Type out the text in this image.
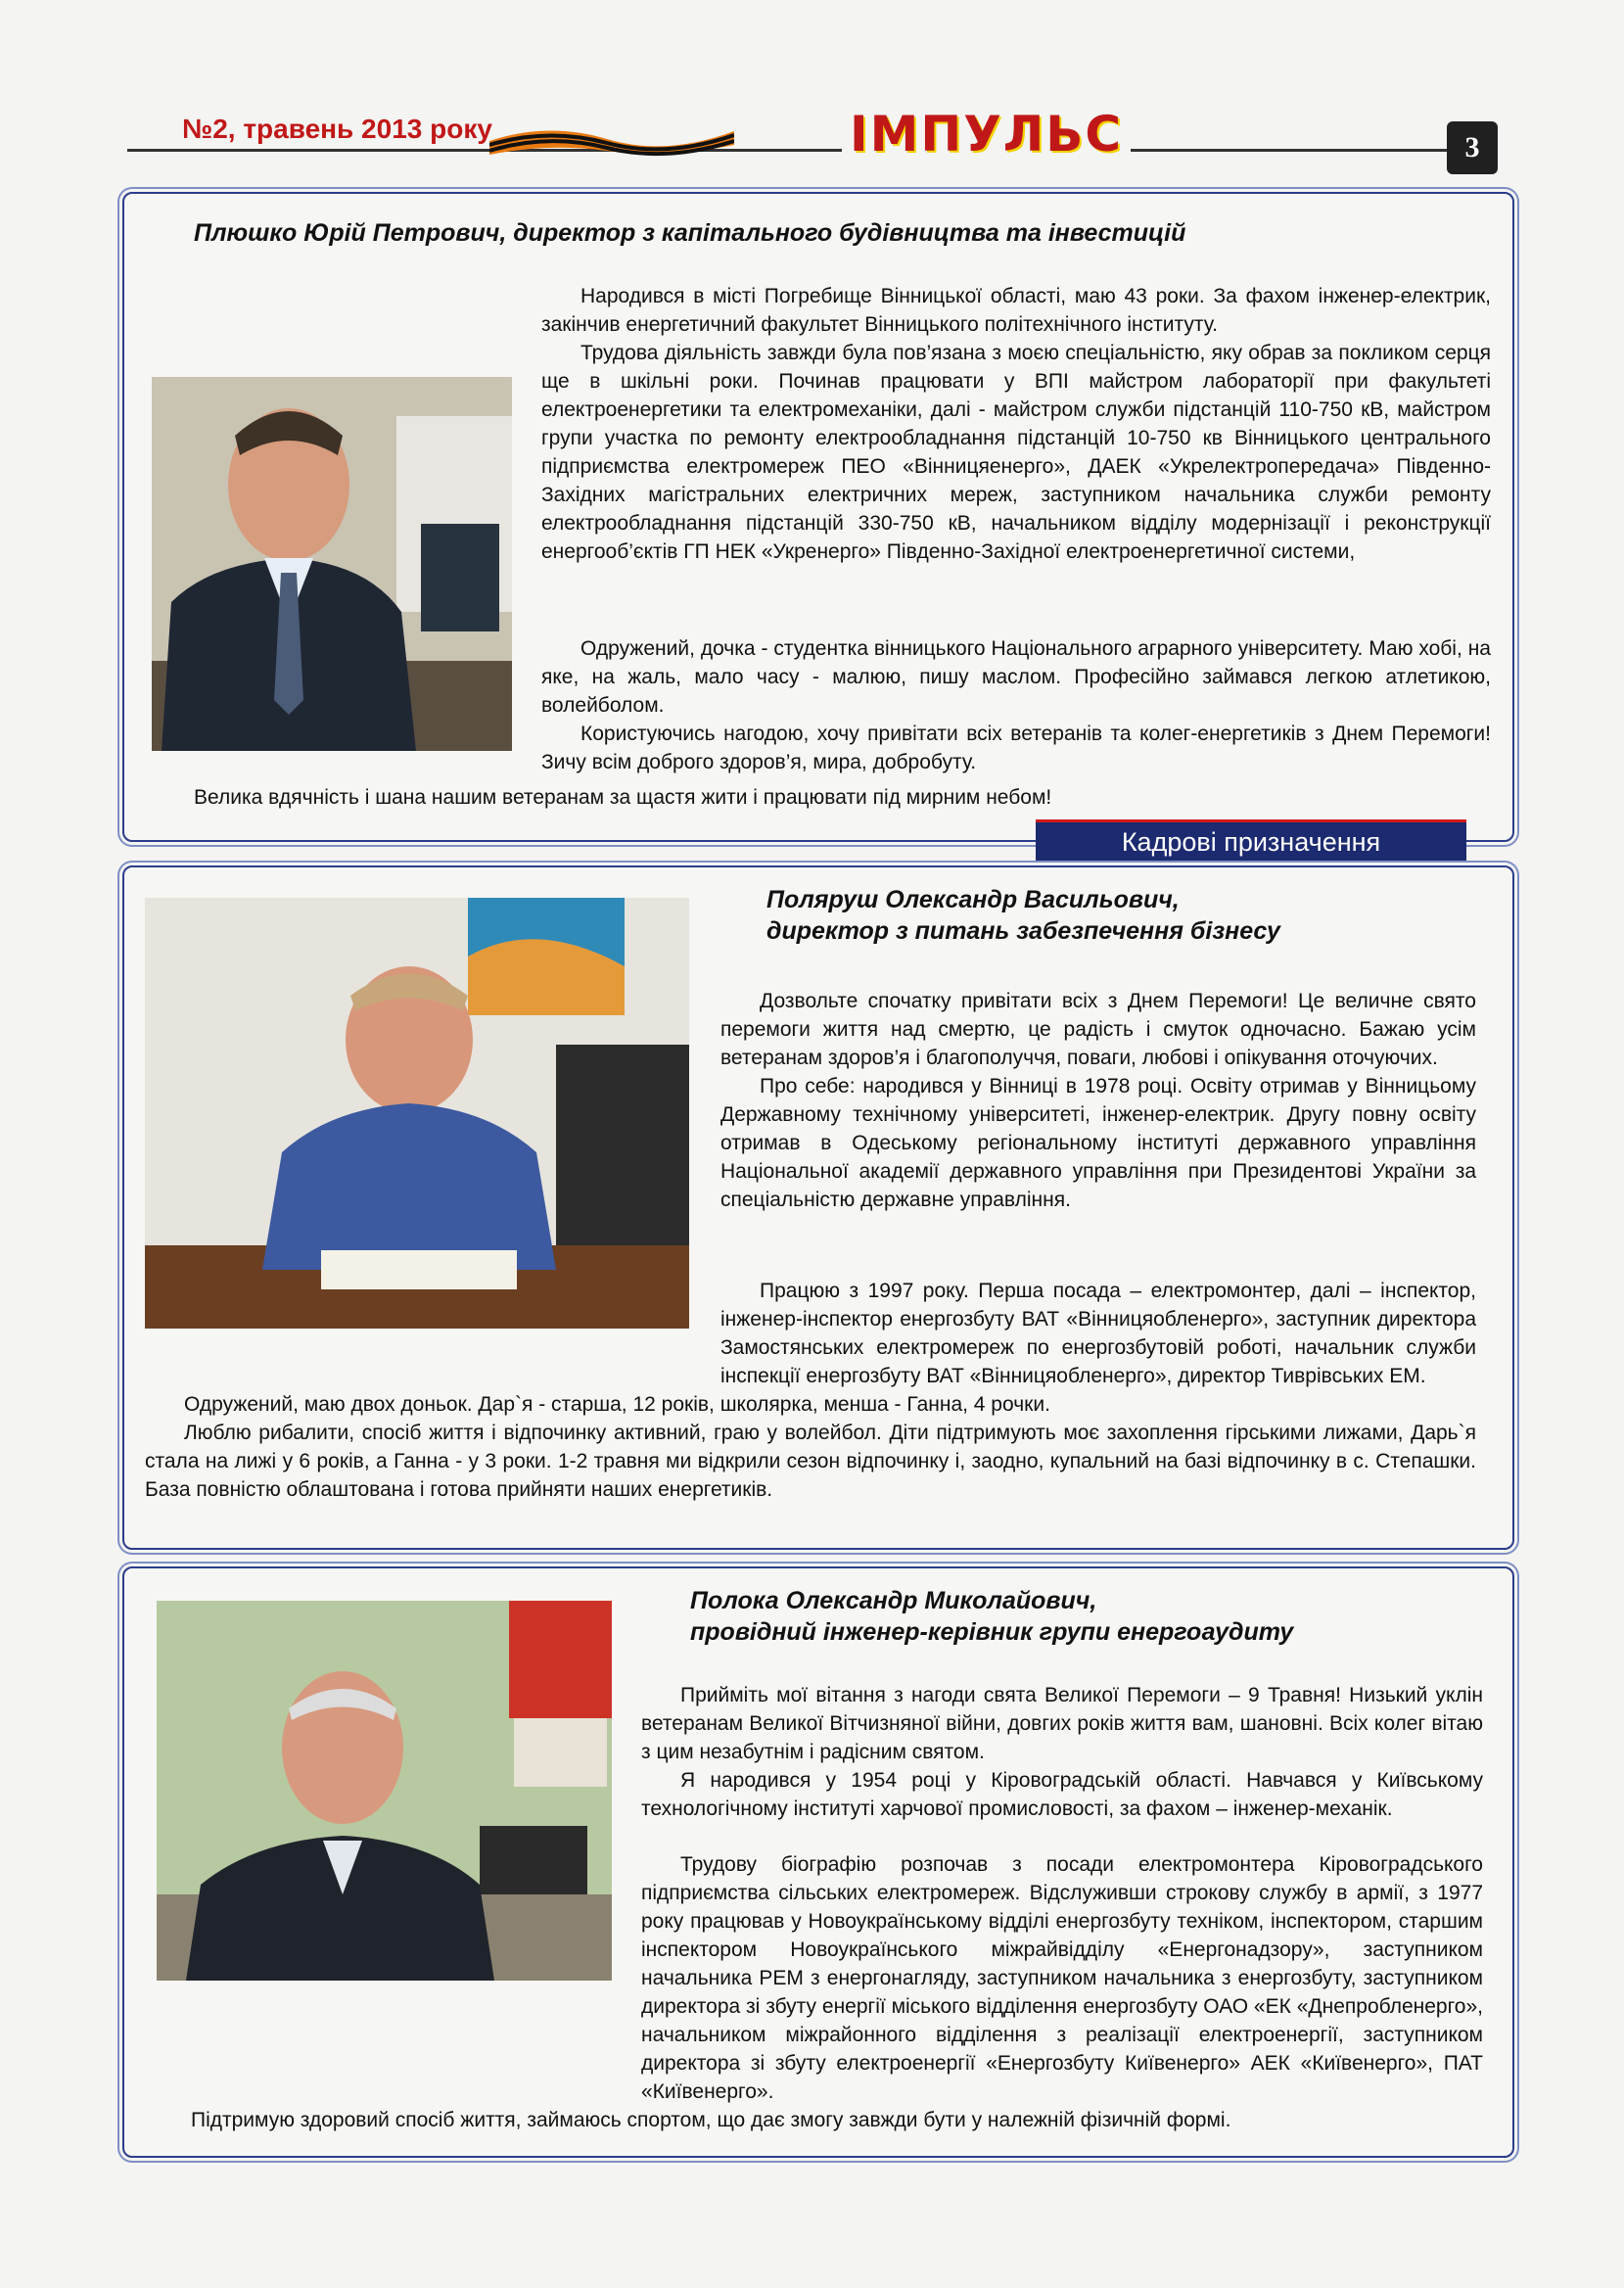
№2, травень 2013 року	ІМПУЛЬС	3
Плюшко Юрій Петрович, директор з капітального будівництва та інвестицій

Народився в місті Погребище Вінницької області, маю 43 роки. За фахом інженер-електрик, закінчив енергетичний факультет Вінницького політехнічного інституту.

Трудова діяльність завжди була пов’язана з моєю спеціальністю, яку обрав за покликом серця ще в шкільні роки. Починав працювати у ВПІ майстром лабораторії при факультеті електроенергетики та електромеханіки, далі - майстром служби підстанцій 110-750 кВ, майстром групи участка по ремонту електрообладнання підстанцій 10-750 кв Вінницького центрального підприємства електромереж ПЕО «Вінницяенерго», ДАЕК «Укрелектропередача» Південно-Західних магістральних електричних мереж, заступником начальника служби ремонту електрообладнання підстанцій 330-750 кВ, начальником відділу модернізації і реконструкції енергооб’єктів ГП НЕК «Укренерго» Південно-Західної електроенергетичної системи,

Одружений, дочка - студентка вінницького Національного аграрного університету. Маю хобі, на яке, на жаль, мало часу - малюю, пишу маслом. Професійно займався легкою атлетикою, волейболом.

Користуючись нагодою, хочу привітати всіх ветеранів та колег-енергетиків з Днем Перемоги! Зичу всім доброго здоров’я, мира, добробуту.

Велика вдячність і шана нашим ветеранам за щастя жити і працювати під мирним небом!

Кадрові призначення
Поляруш Олександр Васильович,
директор з питань забезпечення бізнесу

Дозвольте спочатку привітати всіх з Днем Перемоги! Це величне свято перемоги життя над смертю, це радість і смуток одночасно. Бажаю усім ветеранам здоров’я і благополуччя, поваги, любові і опікування оточуючих.

Про себе: народився у Вінниці в 1978 році. Освіту отримав у Вінницьому Державному технічному університеті, інженер-електрик. Другу повну освіту отримав в Одеському регіональному інституті державного управління Національної академії державного управління при Президентові України за спеціальністю державне управління.

Працюю з 1997 року. Перша посада – електромонтер, далі – інспектор, інженер-інспектор енергозбуту ВАТ «Вінницяобленерго», заступник директора Замостянських електромереж по енергозбутовій роботі, начальник служби інспекції енергозбуту ВАТ «Вінницяобленерго», директор Тиврівських ЕМ.

Одружений, маю двох доньок. Дар`я - старша, 12 років, школярка, менша - Ганна, 4 рочки.

Люблю рибалити, спосіб життя і відпочинку активний, граю у волейбол. Діти підтримують моє захоплення гірськими лижами, Дарь`я стала на лижі у 6 років, а Ганна - у 3 роки. 1-2 травня ми відкрили сезон відпочинку і, заодно, купальний на базі відпочинку в с. Степашки. База повністю облаштована і готова прийняти наших енергетиків.

Полока Олександр Миколайович,
провідний інженер-керівник групи енергоаудиту

Прийміть мої вітання з нагоди свята Великої Перемоги – 9 Травня! Низький уклін ветеранам Великої Вітчизняної війни, довгих років життя вам, шановні. Всіх колег вітаю з цим незабутнім і радісним святом.

Я народився у 1954 році у Кіровоградській області. Навчався у Київському технологічному інституті харчової промисловості, за фахом – інженер-механік.

Трудову біографію розпочав з посади електромонтера Кіровоградського підприємства сільських електромереж. Відслуживши строкову службу в армії, з 1977 року працював у Новоукраїнському відділі енергозбуту техніком, інспектором, старшим інспектором Новоукраїнського міжрайвідділу «Енергонадзору», заступником начальника РЕМ з енергонагляду, заступником начальника з енергозбуту, заступником директора зі збуту енергії міського відділення енергозбуту ОАО «ЕК «Днепробленерго», начальником міжрайонного відділення з реалізації електроенергії, заступником директора зі збуту електроенергії «Енергозбуту Київенерго» АЕК «Київенерго», ПАТ «Київенерго».

Підтримую здоровий спосіб життя, займаюсь спортом, що дає змогу завжди бути у належній фізичній формі.
